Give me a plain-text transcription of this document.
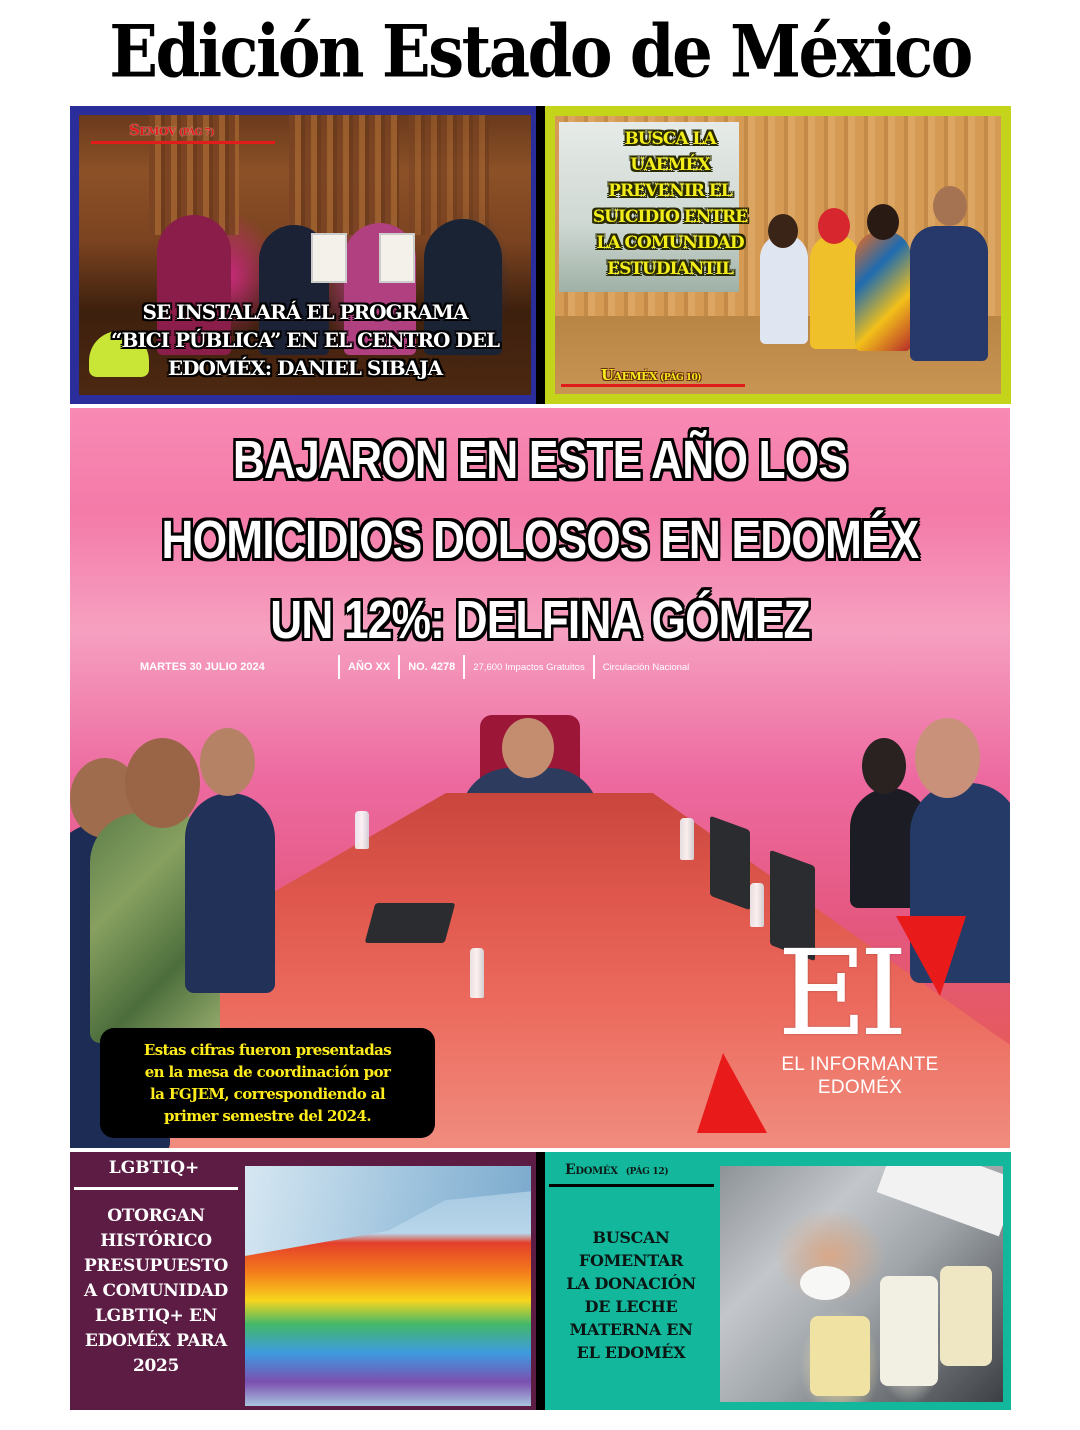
Edición Estado de México
Semov (PÁG 7)
SE INSTALARÁ EL PROGRAMA
“BICI PÚBLICA” EN EL CENTRO DEL
EDOMÉX: DANIEL SIBAJA
BUSCA LA
UAEMÉX
PREVENIR EL
SUICIDIO ENTRE
LA COMUNIDAD
ESTUDIANTIL
Uaeméx (PÁG 10)
BAJARON EN ESTE AÑO LOS
HOMICIDIOS DOLOSOS EN EDOMÉX
UN 12%: DELFINA GÓMEZ
MARTES 30 JULIO 2024	AÑO XX NO. 4278 27,600 Impactos Gratuitos Circulación Nacional

Estas cifras fueron presentadas
en la mesa de coordinación por
la FGJEM, correspondiendo al
primer semestre del 2024.

EI
EL INFORMANTE
EDOMÉX
LGBTIQ+
OTORGAN
HISTÓRICO
PRESUPUESTO
A COMUNIDAD
LGBTIQ+ EN
EDOMÉX PARA
2025
Edoméx (PÁG 12)
BUSCAN
FOMENTAR
LA DONACIÓN
DE LECHE
MATERNA EN
EL EDOMÉX
